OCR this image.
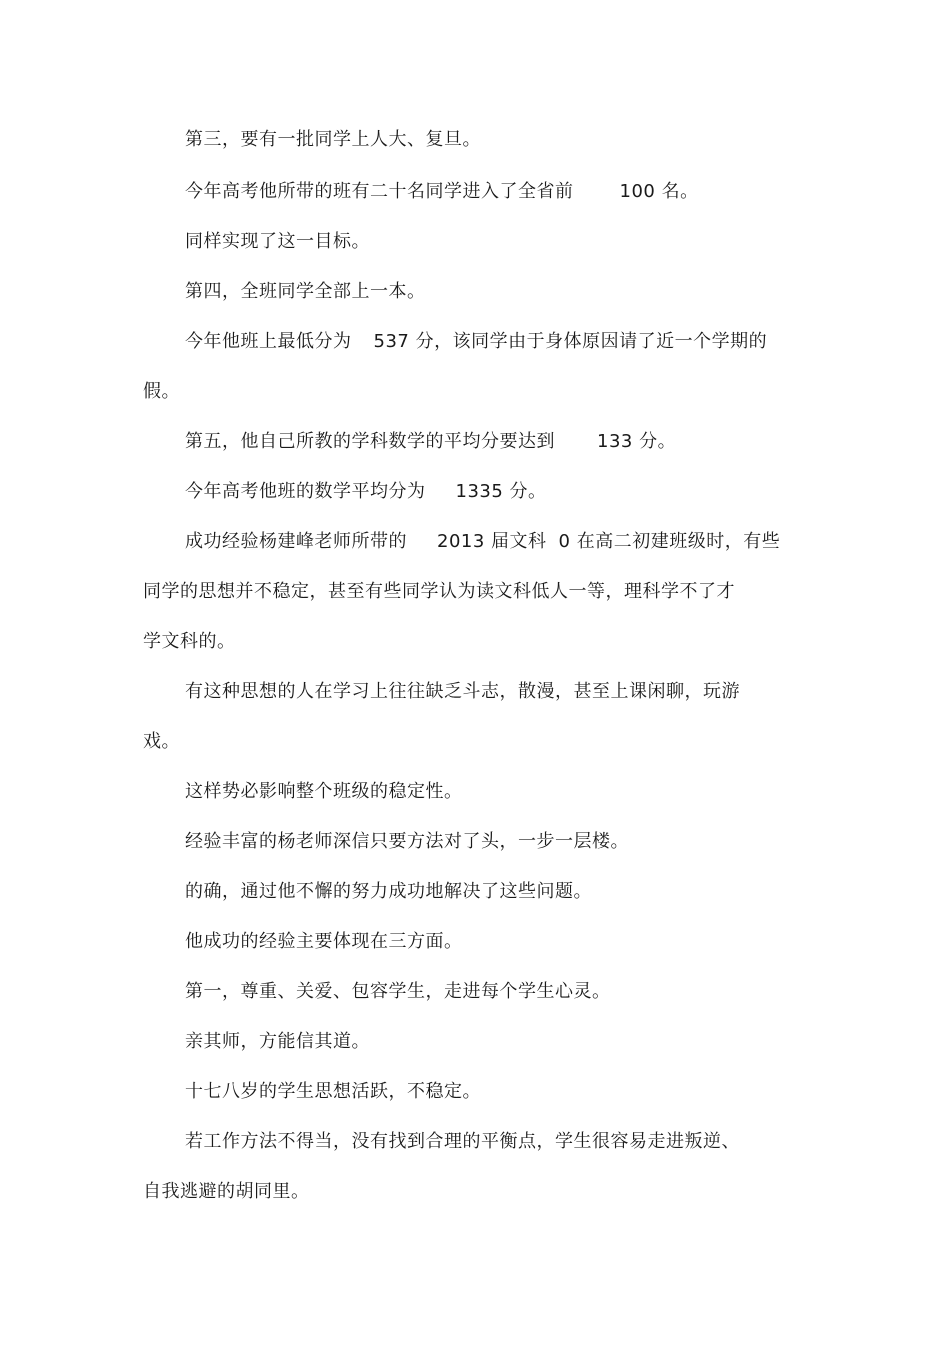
第三，要有一批同学上人大、复旦。
今年高考他所带的班有二十名同学进入了全省前	100 名。
同样实现了这一目标。
第四，全班同学全部上一本。
今年他班上最低分为 537 分，该同学由于身体原因请了近一个学期的
假。
第五，他自己所教的学科数学的平均分要达到 133 分。
今年高考他班的数学平均分为 1335 分。
成功经验杨建峰老师所带的 2013 届文科 0 在高二初建班级时，有些
同学的思想并不稳定，甚至有些同学认为读文科低人一等，理科学不了才
学文科的。
有这种思想的人在学习上往往缺乏斗志，散漫，甚至上课闲聊，玩游
戏。
这样势必影响整个班级的稳定性。
经验丰富的杨老师深信只要方法对了头，一步一层楼。
的确，通过他不懈的努力成功地解决了这些问题。
他成功的经验主要体现在三方面。
第一，尊重、关爱、包容学生，走进每个学生心灵。
亲其师，方能信其道。
十七八岁的学生思想活跃，不稳定。
若工作方法不得当，没有找到合理的平衡点，学生很容易走进叛逆、
自我逃避的胡同里。
